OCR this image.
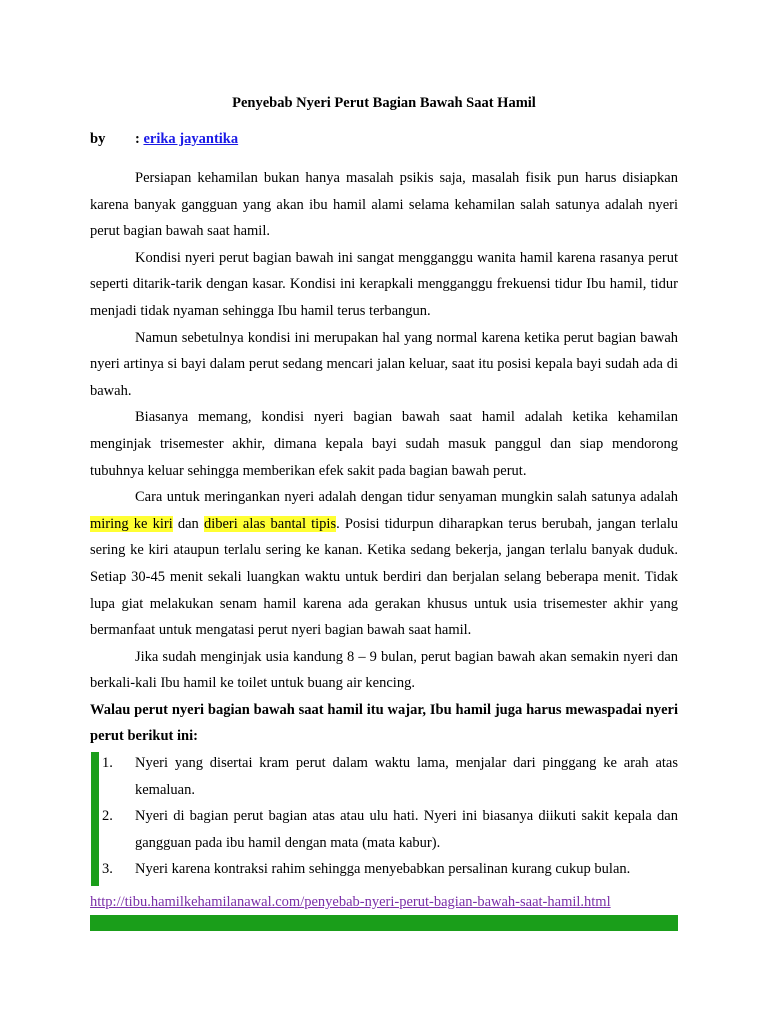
Penyebab Nyeri Perut Bagian Bawah Saat Hamil
by : erika jayantika

Persiapan kehamilan bukan hanya masalah psikis saja, masalah fisik pun harus disiapkan karena banyak gangguan yang akan ibu hamil alami selama kehamilan salah satunya adalah nyeri perut bagian bawah saat hamil.

Kondisi nyeri perut bagian bawah ini sangat mengganggu wanita hamil karena rasanya perut seperti ditarik-tarik dengan kasar. Kondisi ini kerapkali mengganggu frekuensi tidur Ibu hamil, tidur menjadi tidak nyaman sehingga Ibu hamil terus terbangun.

Namun sebetulnya kondisi ini merupakan hal yang normal karena ketika perut bagian bawah nyeri artinya si bayi dalam perut sedang mencari jalan keluar, saat itu posisi kepala bayi sudah ada di bawah.

Biasanya memang, kondisi nyeri bagian bawah saat hamil adalah ketika kehamilan menginjak trisemester akhir, dimana kepala bayi sudah masuk panggul dan siap mendorong tubuhnya keluar sehingga memberikan efek sakit pada bagian bawah perut.

Cara untuk meringankan nyeri adalah dengan tidur senyaman mungkin salah satunya adalah miring ke kiri dan diberi alas bantal tipis. Posisi tidurpun diharapkan terus berubah, jangan terlalu sering ke kiri ataupun terlalu sering ke kanan. Ketika sedang bekerja, jangan terlalu banyak duduk. Setiap 30-45 menit sekali luangkan waktu untuk berdiri dan berjalan selang beberapa menit. Tidak lupa giat melakukan senam hamil karena ada gerakan khusus untuk usia trisemester akhir yang bermanfaat untuk mengatasi perut nyeri bagian bawah saat hamil.

Jika sudah menginjak usia kandung 8 – 9 bulan, perut bagian bawah akan semakin nyeri dan berkali-kali Ibu hamil ke toilet untuk buang air kencing.

Walau perut nyeri bagian bawah saat hamil itu wajar, Ibu hamil juga harus mewaspadai nyeri perut berikut ini:

1. Nyeri yang disertai kram perut dalam waktu lama, menjalar dari pinggang ke arah atas kemaluan.
2. Nyeri di bagian perut bagian atas atau ulu hati. Nyeri ini biasanya diikuti sakit kepala dan gangguan pada ibu hamil dengan mata (mata kabur).
3. Nyeri karena kontraksi rahim sehingga menyebabkan persalinan kurang cukup bulan.
http://tibu.hamilkehamilanawal.com/penyebab-nyeri-perut-bagian-bawah-saat-hamil.html
